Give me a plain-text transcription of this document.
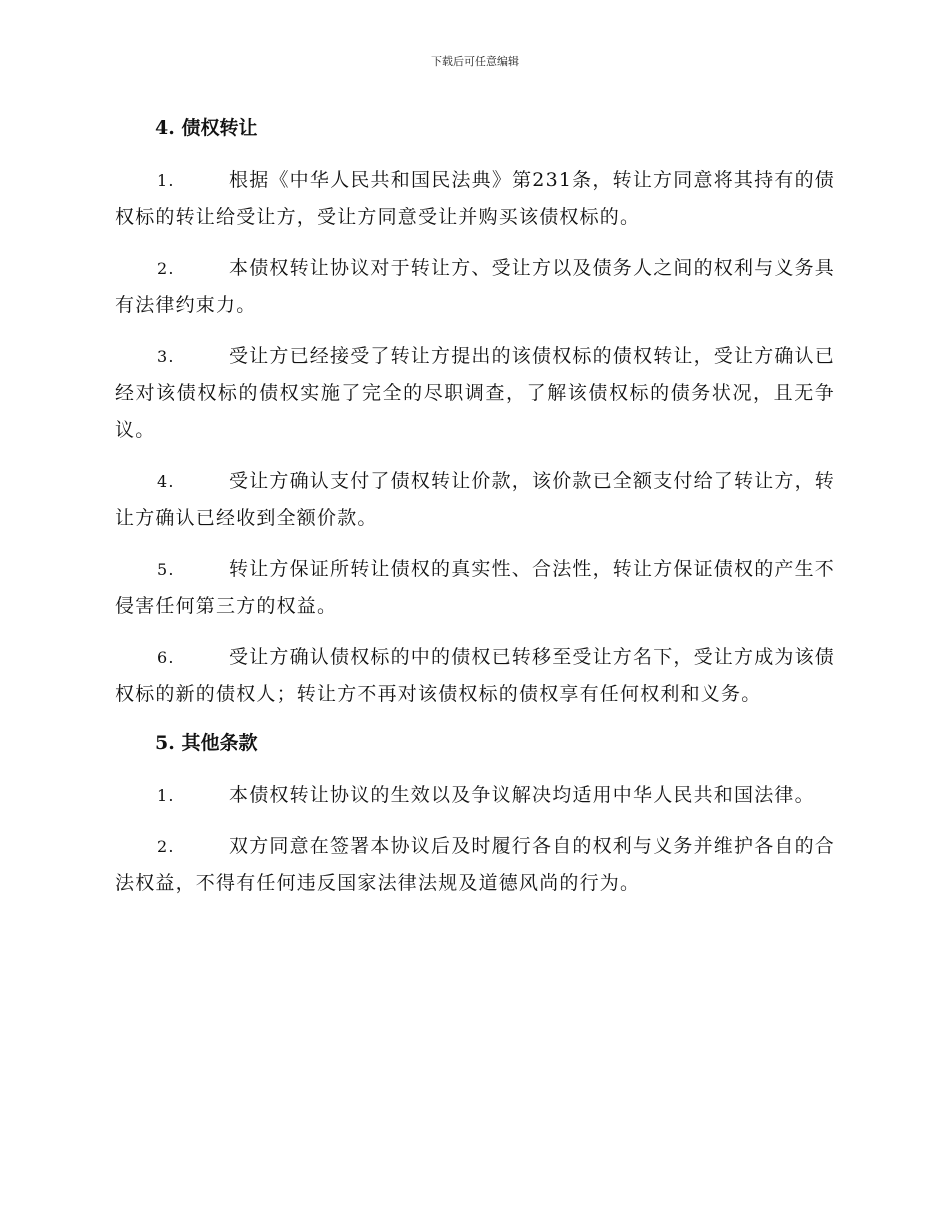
下载后可任意编辑
4. 债权转让

1.	根据《中华人民共和国民法典》第231条，转让方同意将其持有的债权标的转让给受让方，受让方同意受让并购买该债权标的。

2.	本债权转让协议对于转让方、受让方以及债务人之间的权利与义务具有法律约束力。

3.	受让方已经接受了转让方提出的该债权标的债权转让，受让方确认已经对该债权标的债权实施了完全的尽职调查，了解该债权标的债务状况，且无争议。

4.	受让方确认支付了债权转让价款，该价款已全额支付给了转让方，转让方确认已经收到全额价款。

5.	转让方保证所转让债权的真实性、合法性，转让方保证债权的产生不侵害任何第三方的权益。

6.	受让方确认债权标的中的债权已转移至受让方名下，受让方成为该债权标的新的债权人；转让方不再对该债权标的债权享有任何权利和义务。

5. 其他条款

1.	本债权转让协议的生效以及争议解决均适用中华人民共和国法律。

2.	双方同意在签署本协议后及时履行各自的权利与义务并维护各自的合法权益，不得有任何违反国家法律法规及道德风尚的行为。
